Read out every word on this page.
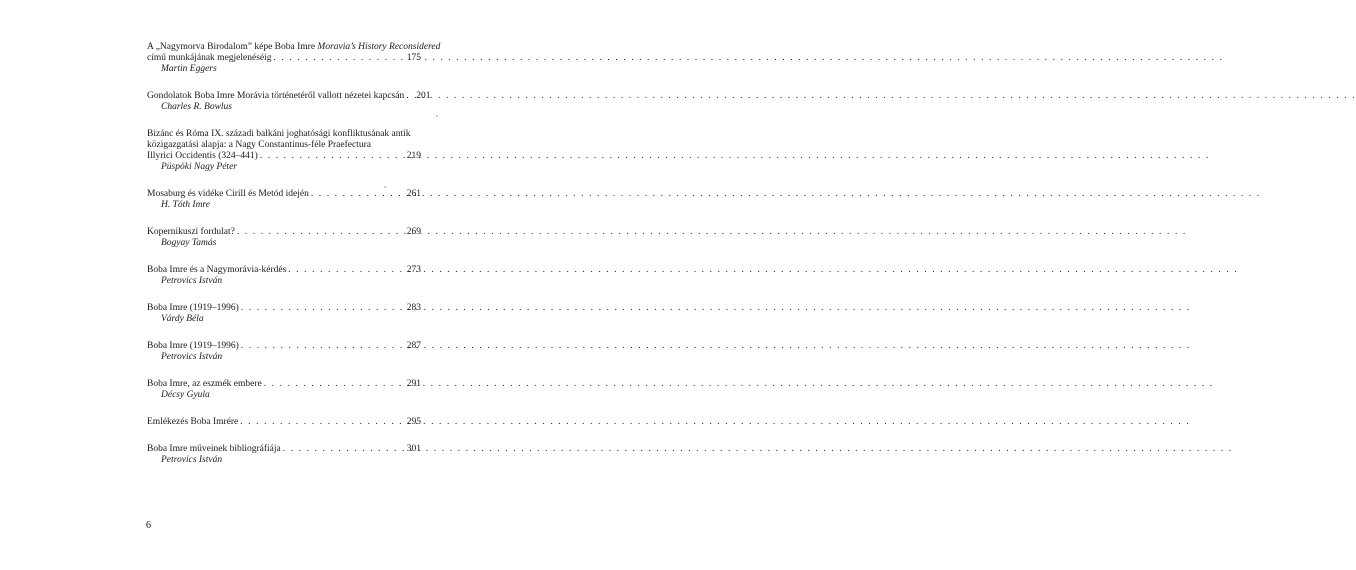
A „Nagymorva Birodalom” képe Boba Imre Moravia’s History Reconsidered
című munkájának megjelenéséig . . .	175
Martin Eggers
Gondolatok Boba Imre Morávia történetéről vallott nézetei kapcsán . . . 201
Charles R. Bowlus
Bizánc és Róma IX. századi balkáni joghatósági konfliktusának antik
közigazgatási alapja: a Nagy Constantinus-féle Praefectura
Illyrici Occidentis (324–441) . . .	219
Püspöki Nagy Péter
Mosaburg és vidéke Cirill és Metód idején . . .	261
H. Tóth Imre
Kopernikuszi fordulat? . . .	269
Bogyay Tamás
Boba Imre és a Nagymorávia-kérdés . . .	273
Petrovics István
Boba Imre (1919–1996) . . .	283
Várdy Béla
Boba Imre (1919–1996) . . .	287
Petrovics István
Boba Imre, az eszmék embere . . .	291
Décsy Gyula
Emlékezés Boba Imrére . . .	295
Boba Imre műveinek bibliográfiája . . .	301
Petrovics István
6
